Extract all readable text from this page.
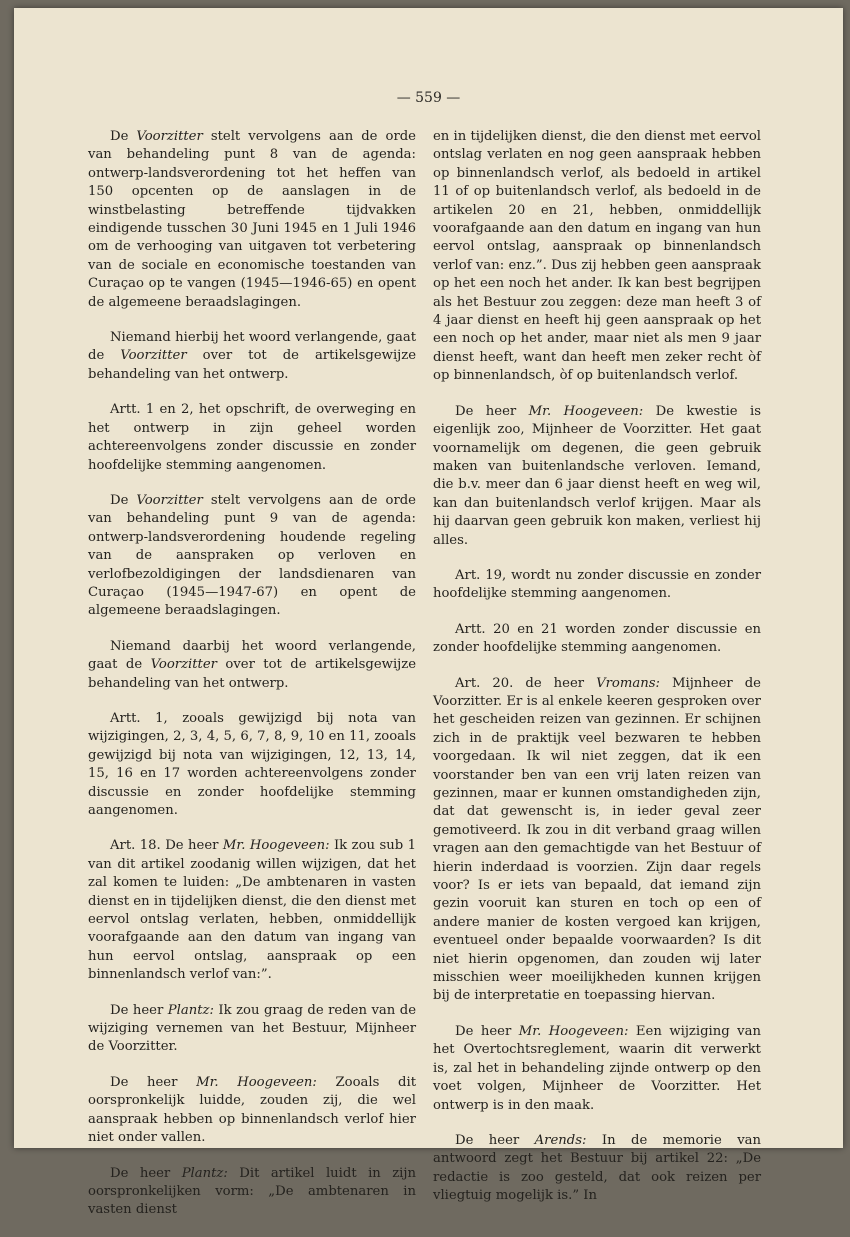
— 559 —

De Voorzitter stelt vervolgens aan de orde van behandeling punt 8 van de agenda: ontwerp-landsverordening tot het heffen van 150 opcenten op de aanslagen in de winstbelasting betreffende tijdvakken eindigende tusschen 30 Juni 1945 en 1 Juli 1946 om de verhooging van uitgaven tot verbetering van de sociale en economische toestanden van Curaçao op te vangen (1945—1946-65) en opent de algemeene beraadslagingen.

Niemand hierbij het woord verlangende, gaat de Voorzitter over tot de artikelsgewijze behandeling van het ontwerp.

Artt. 1 en 2, het opschrift, de overweging en het ontwerp in zijn geheel worden achtereenvolgens zonder discussie en zonder hoofdelijke stemming aangenomen.

De Voorzitter stelt vervolgens aan de orde van behandeling punt 9 van de agenda: ontwerp-landsverordening houdende regeling van de aanspraken op verloven en verlofbezoldigingen der landsdienaren van Curaçao (1945—1947-67) en opent de algemeene beraadslagingen.

Niemand daarbij het woord verlangende, gaat de Voorzitter over tot de artikelsgewijze behandeling van het ontwerp.

Artt. 1, zooals gewijzigd bij nota van wijzigingen, 2, 3, 4, 5, 6, 7, 8, 9, 10 en 11, zooals gewijzigd bij nota van wijzigingen, 12, 13, 14, 15, 16 en 17 worden achtereenvolgens zonder discussie en zonder hoofdelijke stemming aangenomen.

Art. 18. De heer Mr. Hoogeveen: Ik zou sub 1 van dit artikel zoodanig willen wijzigen, dat het zal komen te luiden: „De ambtenaren in vasten dienst en in tijdelijken dienst, die den dienst met eervol ontslag verlaten, hebben, onmiddellijk voorafgaande aan den datum van ingang van hun eervol ontslag, aanspraak op een binnenlandsch verlof van:”.

De heer Plantz: Ik zou graag de reden van de wijziging vernemen van het Bestuur, Mijnheer de Voorzitter.

De heer Mr. Hoogeveen: Zooals dit oorspronkelijk luidde, zouden zij, die wel aanspraak hebben op binnenlandsch verlof hier niet onder vallen.

De heer Plantz: Dit artikel luidt in zijn oorspronkelijken vorm: „De ambtenaren in vasten dienst

en in tijdelijken dienst, die den dienst met eervol ontslag verlaten en nog geen aanspraak hebben op binnenlandsch verlof, als bedoeld in artikel 11 of op buitenlandsch verlof, als bedoeld in de artikelen 20 en 21, hebben, onmiddellijk voorafgaande aan den datum en ingang van hun eervol ontslag, aanspraak op binnenlandsch verlof van: enz.”. Dus zij hebben geen aanspraak op het een noch het ander. Ik kan best begrijpen als het Bestuur zou zeggen: deze man heeft 3 of 4 jaar dienst en heeft hij geen aanspraak op het een noch op het ander, maar niet als men 9 jaar dienst heeft, want dan heeft men zeker recht òf op binnenlandsch, òf op buitenlandsch verlof.

De heer Mr. Hoogeveen: De kwestie is eigenlijk zoo, Mijnheer de Voorzitter. Het gaat voornamelijk om degenen, die geen gebruik maken van buitenlandsche verloven. Iemand, die b.v. meer dan 6 jaar dienst heeft en weg wil, kan dan buitenlandsch verlof krijgen. Maar als hij daarvan geen gebruik kon maken, verliest hij alles.

Art. 19, wordt nu zonder discussie en zonder hoofdelijke stemming aangenomen.

Artt. 20 en 21 worden zonder discussie en zonder hoofdelijke stemming aangenomen.

Art. 20. de heer Vromans: Mijnheer de Voorzitter. Er is al enkele keeren gesproken over het gescheiden reizen van gezinnen. Er schijnen zich in de praktijk veel bezwaren te hebben voorgedaan. Ik wil niet zeggen, dat ik een voorstander ben van een vrij laten reizen van gezinnen, maar er kunnen omstandigheden zijn, dat dat gewenscht is, in ieder geval zeer gemotiveerd. Ik zou in dit verband graag willen vragen aan den gemachtigde van het Bestuur of hierin inderdaad is voorzien. Zijn daar regels voor? Is er iets van bepaald, dat iemand zijn gezin vooruit kan sturen en toch op een of andere manier de kosten vergoed kan krijgen, eventueel onder bepaalde voorwaarden? Is dit niet hierin opgenomen, dan zouden wij later misschien weer moeilijkheden kunnen krijgen bij de interpretatie en toepassing hiervan.

De heer Mr. Hoogeveen: Een wijziging van het Overtochtsreglement, waarin dit verwerkt is, zal het in behandeling zijnde ontwerp op den voet volgen, Mijnheer de Voorzitter. Het ontwerp is in den maak.

De heer Arends: In de memorie van antwoord zegt het Bestuur bij artikel 22: „De redactie is zoo gesteld, dat ook reizen per vliegtuig mogelijk is.” In
